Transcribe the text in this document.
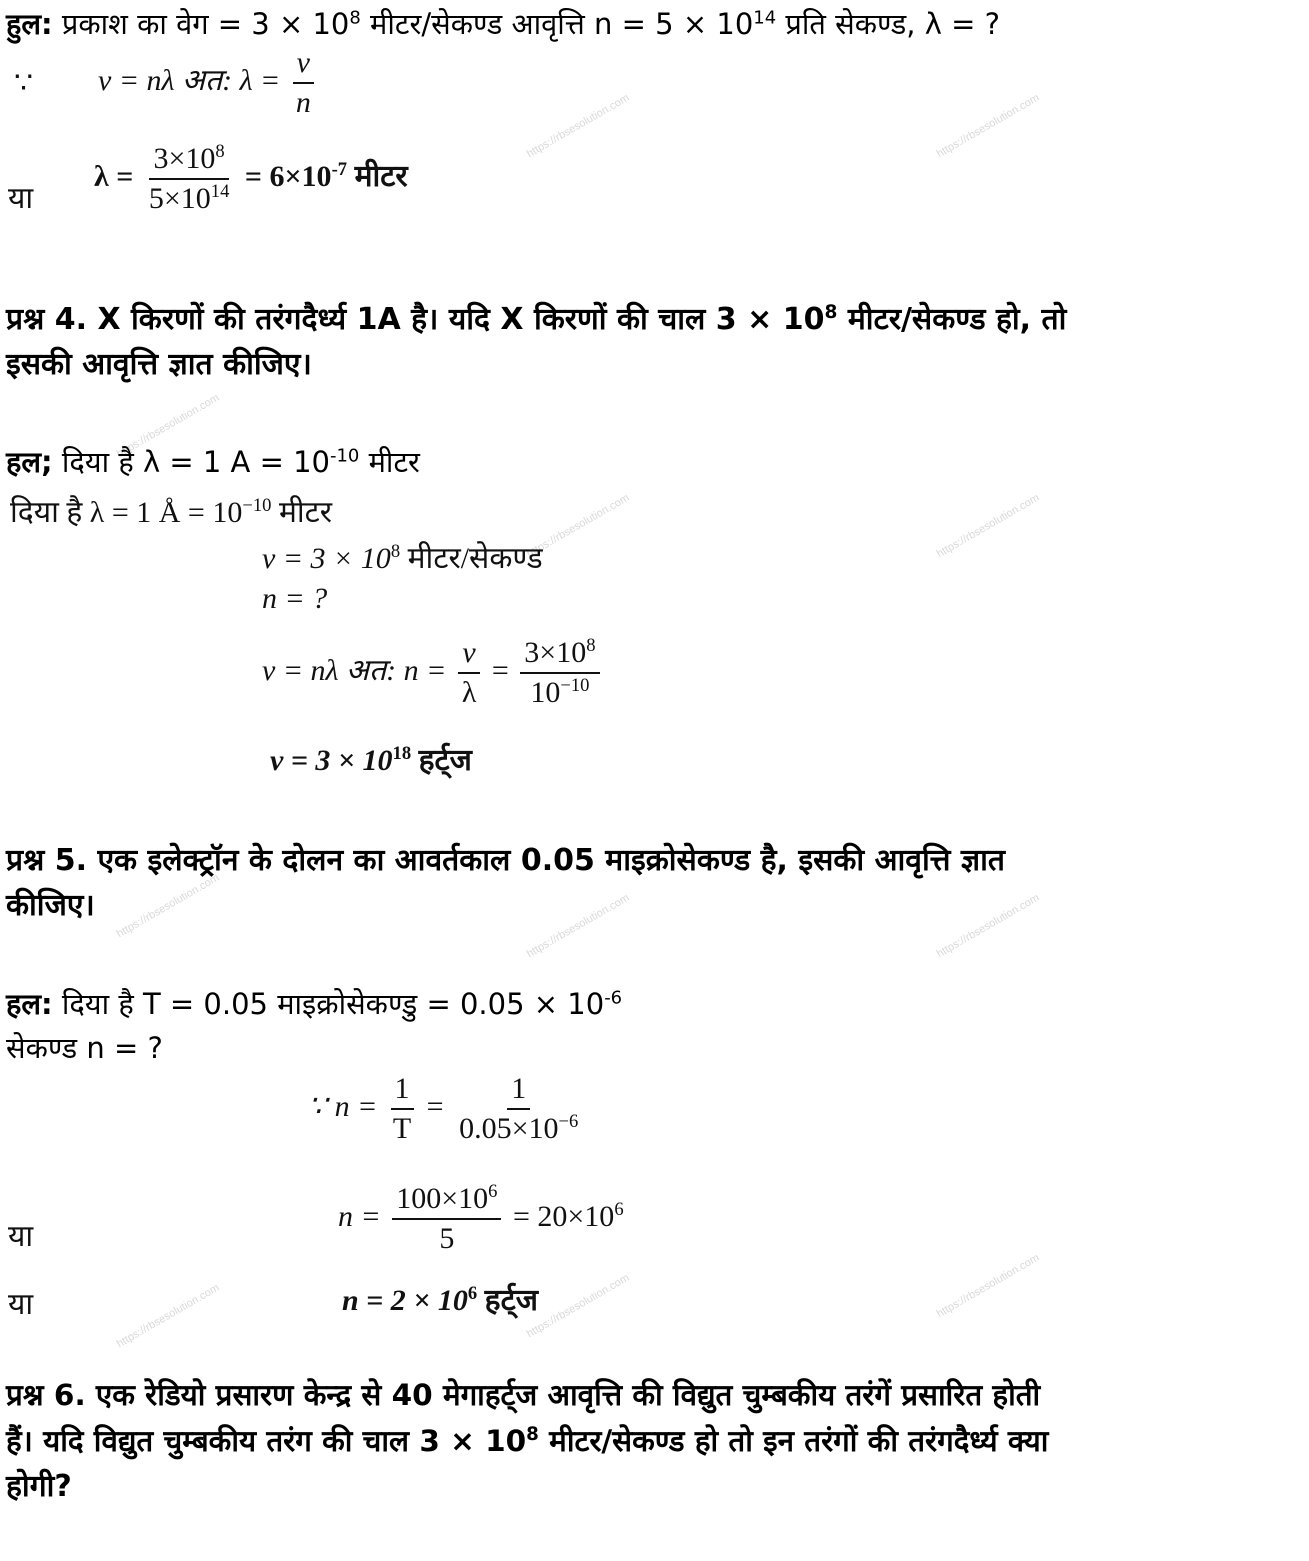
https://rbsesolution.com	https://rbsesolution.com
https://rbsesolution.com
https://rbsesolution.com	https://rbsesolution.com
https://rbsesolution.com	https://rbsesolution.com	https://rbsesolution.com
https://rbsesolution.com	https://rbsesolution.com	https://rbsesolution.com
हुल: प्रकाश का वेग = $3 \times 10^8$ मीटर/सेकण्ड आवृत्ति $n = 5 \times 10^{14}$ प्रति सेकण्ड, λ = ?
∵ v = nλ अत: $\lambda = \frac{v}{n}$
या
$\lambda = \frac{3\times 10^8}{5\times 10^{14}} = 6\times 10^{-7}$ मीटर
प्रश्न 4. X किरणों की तरंगदैर्ध्य 1A है। यदि X किरणों की चाल $3 \times 10^8$ मीटर/सेकण्ड हो, तो
इसकी आवृत्ति ज्ञात कीजिए।
हल; दिया है λ = 1 $A = 10^{-10}$ मीटर
दिया है λ = 1 Å = $10^{-10}$ मीटर
$v = 3 \times 10^8$ मीटर/सेकण्ड
n = ?
v = nλ अत: $n = \frac{v}{\lambda} = \frac{3\times 10^8}{10^{-10}}$
$v = 3 \times 10^{18}$ हर्ट्ज
प्रश्न 5. एक इलेक्ट्रॉन के दोलन का आवर्तकाल 0.05 माइक्रोसेकण्ड है, इसकी आवृत्ति ज्ञात
कीजिए।
हल: दिया है T = 0.05 माइक्रोसेकण्डु = $0.05 \times 10^{-6}$
सेकण्ड n = ?
∵ $n = \frac{1}{T} = \frac{1}{0.05\times 10^{-6}}$
या
$n = \frac{100\times 10^6}{5} = 20\times 10^6$
या	$n = 2 \times 10^6$ हर्ट्ज
प्रश्न 6. एक रेडियो प्रसारण केन्द्र से 40 मेगाहर्ट्ज आवृत्ति की विद्युत चुम्बकीय तरंगें प्रसारित होती
हैं। यदि विद्युत चुम्बकीय तरंग की चाल $3 \times 10^8$ मीटर/सेकण्ड हो तो इन तरंगों की तरंगदैर्ध्य क्या
होगी?
